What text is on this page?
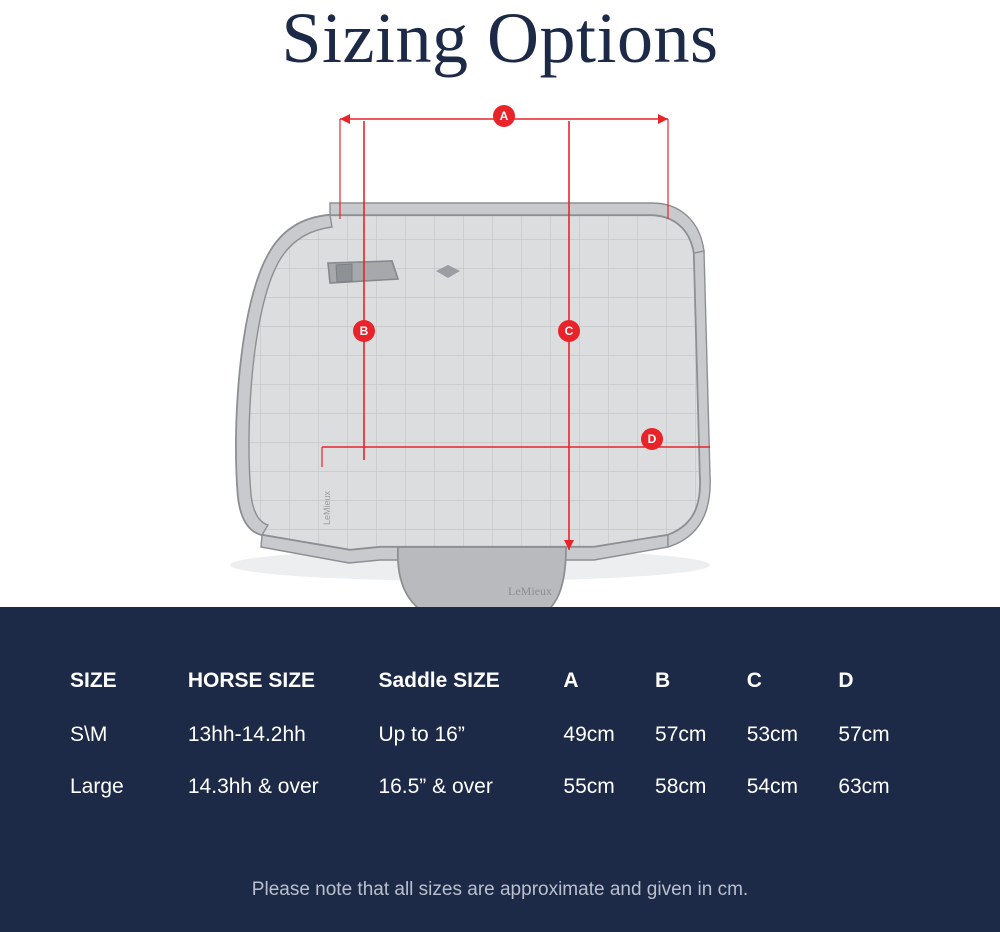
Sizing Options
LeMieux
LeMieux
A
B	C
D
SIZE	HORSE SIZE	Saddle SIZE	A	B	C	D
S\M	13hh-14.2hh	Up to 16”	49cm	57cm	53cm	57cm
Large	14.3hh & over	16.5” & over	55cm	58cm	54cm	63cm
Please note that all sizes are approximate and given in cm.
